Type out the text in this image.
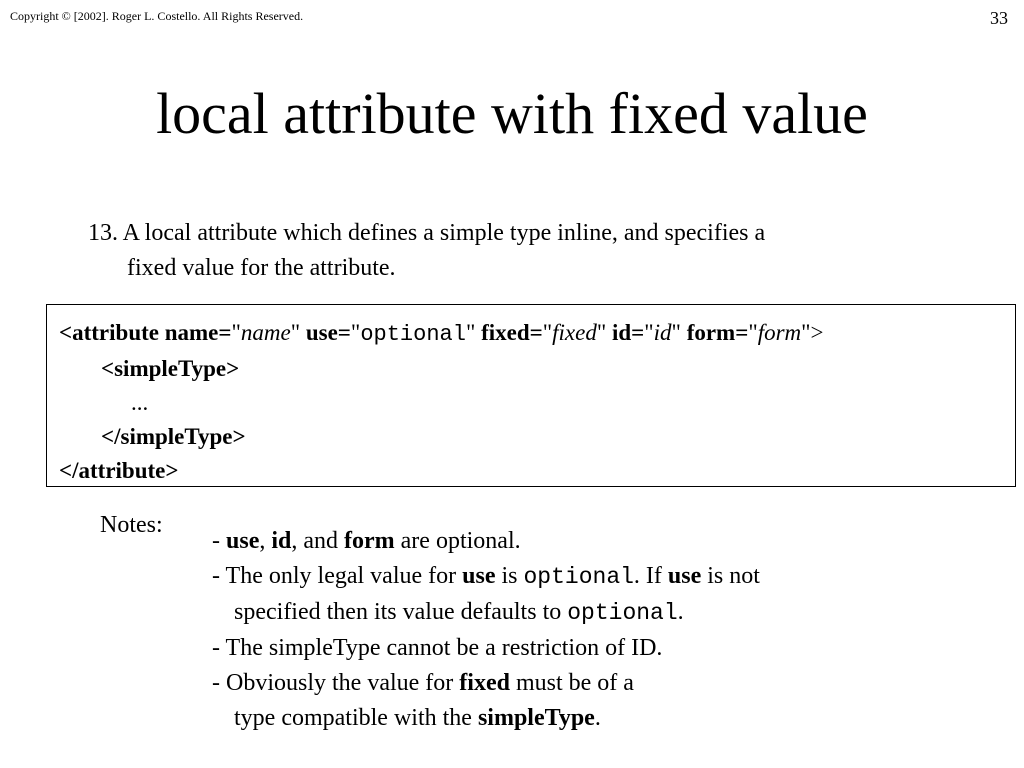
Copyright © [2002]. Roger L. Costello. All Rights Reserved.	33
local attribute with fixed value
13. A local attribute which defines a simple type inline, and specifies a
fixed value for the attribute.
<attribute name="name" use="optional" fixed="fixed" id="id" form="form">
<simpleType>
...
</simpleType>
</attribute>
Notes:

- use, id, and form are optional.

- The only legal value for use is optional. If use is not
specified then its value defaults to optional.

- The simpleType cannot be a restriction of ID.

- Obviously the value for fixed must be of a
type compatible with the simpleType.
